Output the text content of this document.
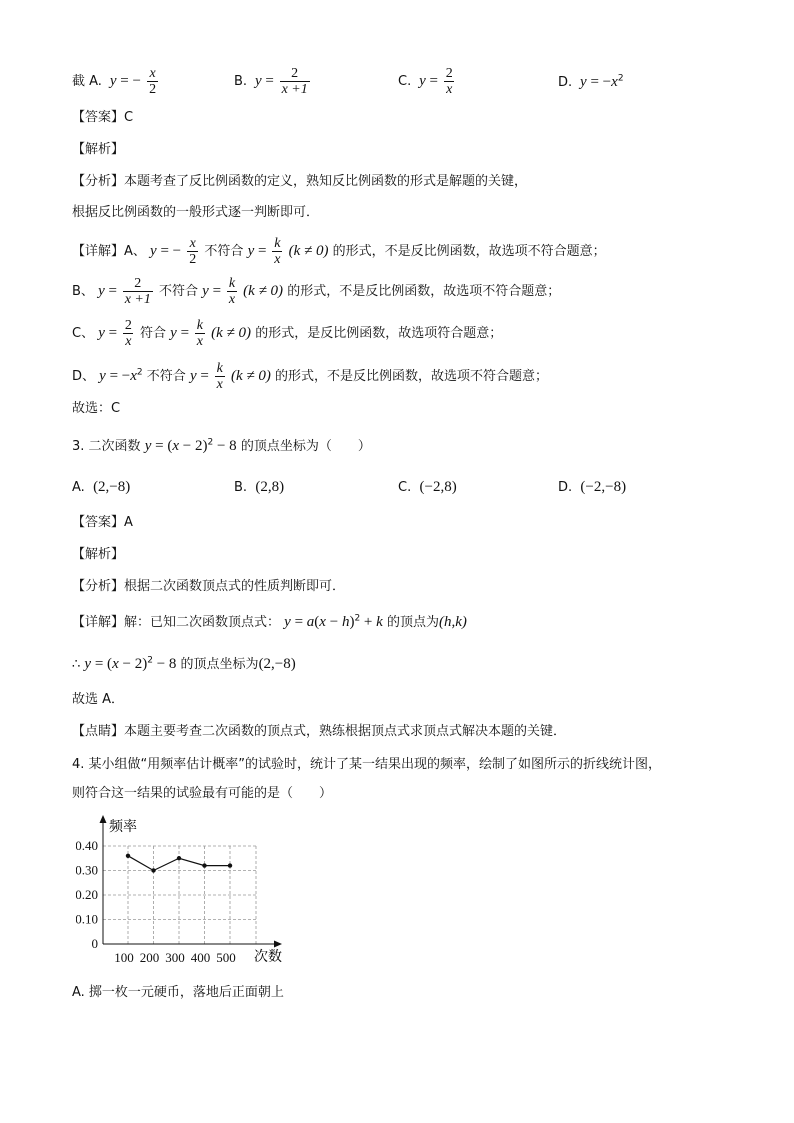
截 A.  y = − $\frac{x}{2}$	B.  $y = \frac{2}{x +1}$	C.  $y = \frac{2}{x}$	D.  $y = -x^2$
【答案】C
【解析】
【分析】本题考查了反比例函数的定义，熟知反比例函数的形式是解题的关键，
根据反比例函数的一般形式逐一判断即可．
【详解】A、 y = − $\frac{x}{2}$ 不符合 $y = \frac{k}{x} (k \ne 0)$ 的形式，不是反比例函数，故选项不符合题意；
B、 $y = \frac{2}{x +1}$ 不符合 $y = \frac{k}{x} (k \ne 0)$ 的形式，不是反比例函数，故选项不符合题意；
C、 $y = \frac{2}{x}$ 符合 $y = \frac{k}{x} (k \ne 0)$ 的形式，是反比例函数，故选项符合题意；
D、 $y = -x^2$ 不符合 $y = \frac{k}{x} (k \ne 0)$ 的形式，不是反比例函数，故选项不符合题意；
故选：C
3. 二次函数 $y = (x - 2)^2 - 8$ 的顶点坐标为（　　）
A. (2,−8)	B. (2,8)	C. (−2,8)	D. (−2,−8)
【答案】A
【解析】
【分析】根据二次函数顶点式的性质判断即可．
【详解】解：已知二次函数顶点式： $y = a(x - h)^2 + k$ 的顶点为(h,k)
∴ $y = (x - 2)^2 - 8$ 的顶点坐标为(2,−8)
故选 A．
【点睛】本题主要考查二次函数的顶点式，熟练根据顶点式求顶点式解决本题的关键．
4. 某小组做“用频率估计概率”的试验时，统计了某一结果出现的频率，绘制了如图所示的折线统计图，
则符合这一结果的试验最有可能的是（　　）
频率
次数
0.40
0.30
0.20
0.10
0
100 200 300 400 500
A. 掷一枚一元硬币，落地后正面朝上
